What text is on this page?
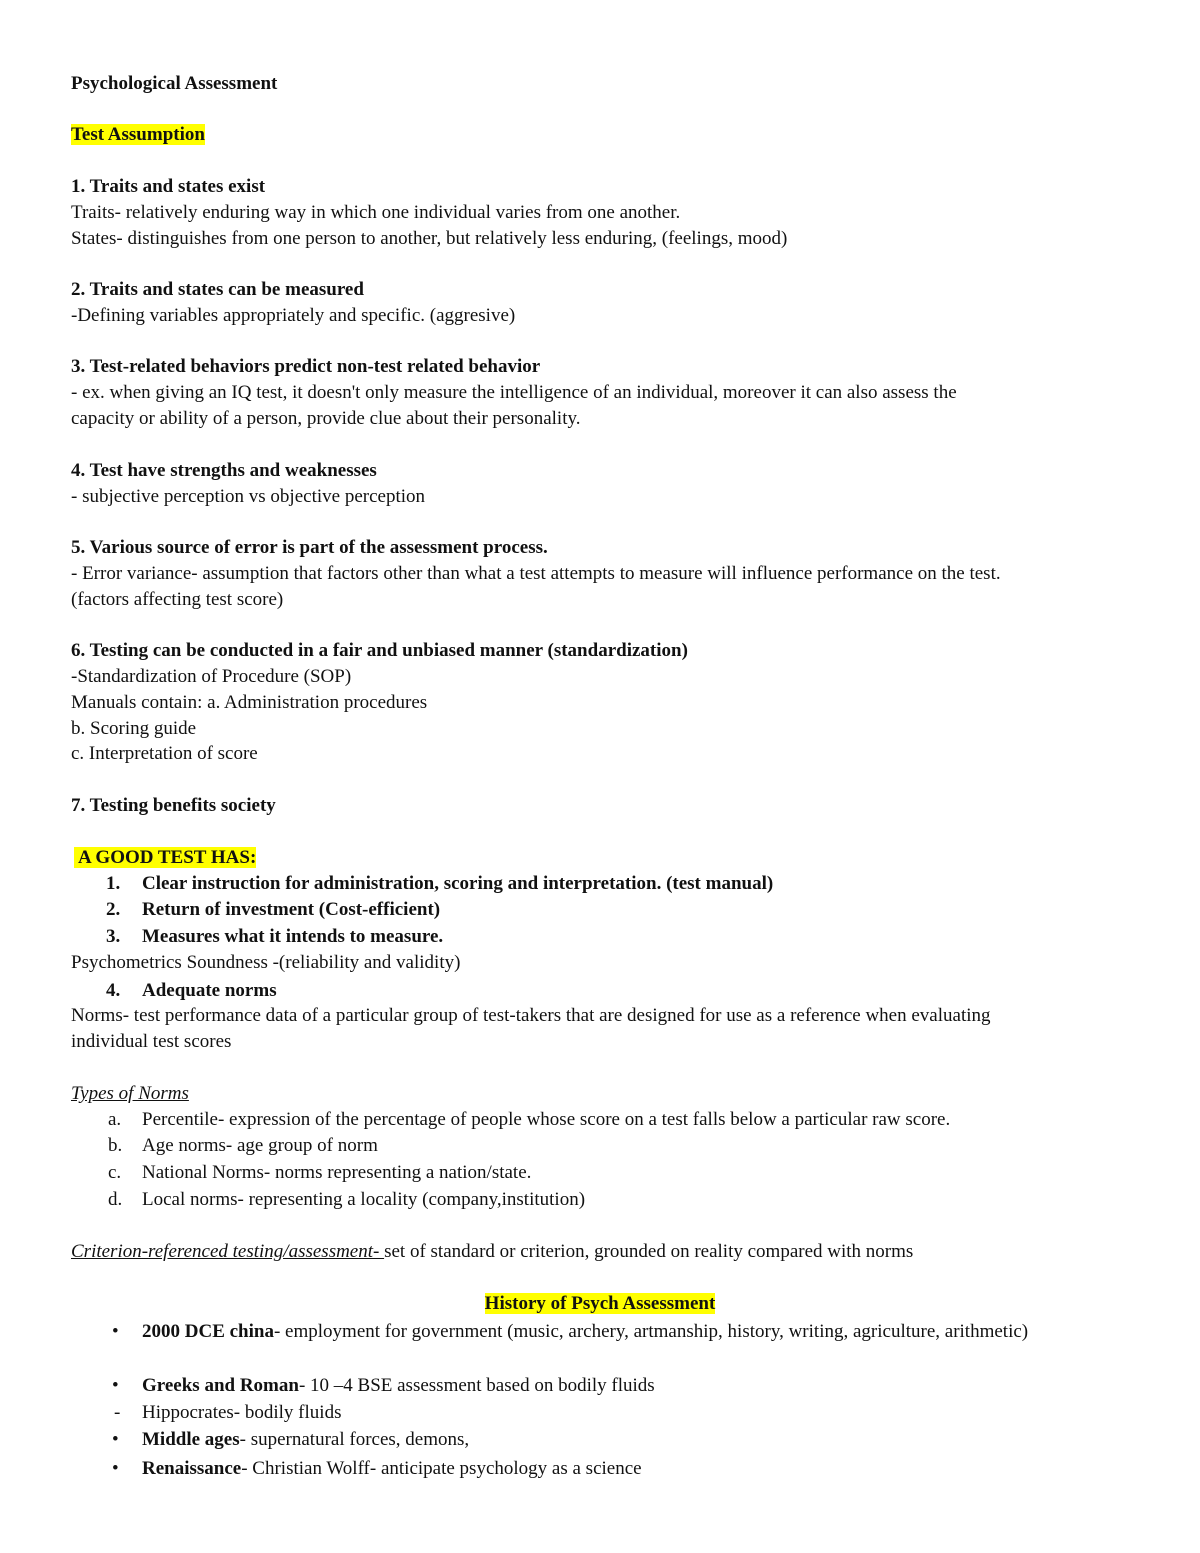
Psychological Assessment
Test Assumption
1. Traits and states exist
Traits- relatively enduring way in which one individual varies from one another.
States- distinguishes from one person to another, but relatively less enduring, (feelings, mood)
2. Traits and states can be measured
-Defining variables appropriately and specific. (aggresive)
3. Test-related behaviors predict non-test related behavior
- ex. when giving an IQ test, it doesn't only measure the intelligence of an individual, moreover it can also assess the
capacity or ability of a person, provide clue about their personality.
4. Test have strengths and weaknesses
- subjective perception vs objective perception
5. Various source of error is part of the assessment process.
- Error variance- assumption that factors other than what a test attempts to measure will influence performance on the test.
(factors affecting test score)
6. Testing can be conducted in a fair and unbiased manner (standardization)
-Standardization of Procedure (SOP)
Manuals contain: a. Administration procedures
b. Scoring guide
c. Interpretation of score
7. Testing benefits society
A GOOD TEST HAS:
1. Clear instruction for administration, scoring and interpretation. (test manual)
2. Return of investment (Cost-efficient)
3. Measures what it intends to measure.
Psychometrics Soundness -(reliability and validity)
4. Adequate norms
Norms- test performance data of a particular group of test-takers that are designed for use as a reference when evaluating
individual test scores
Types of Norms
a. Percentile- expression of the percentage of people whose score on a test falls below a particular raw score.
b. Age norms- age group of norm
c. National Norms- norms representing a nation/state.
d. Local norms- representing a locality (company,institution)
Criterion-referenced testing/assessment- set of standard or criterion, grounded on reality compared with norms
History of Psych Assessment
• 2000 DCE china- employment for government (music, archery, artmanship, history, writing, agriculture, arithmetic)
• Greeks and Roman- 10 –4 BSE assessment based on bodily fluids
- Hippocrates- bodily fluids
• Middle ages- supernatural forces, demons,
• Renaissance- Christian Wolff- anticipate psychology as a science
